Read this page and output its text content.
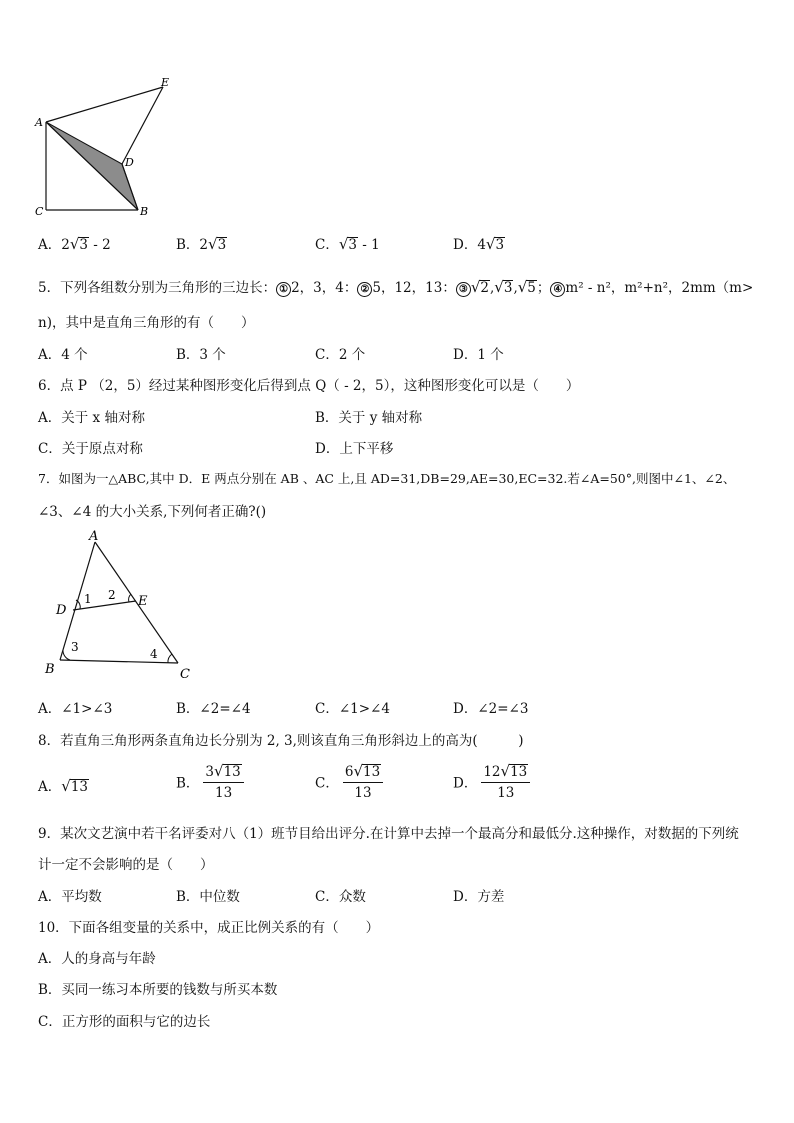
A
C	B
D
E
A．2√3 - 2	B．2√3	C．√3 - 1	D．4√3
5．下列各组数分别为三角形的三边长： ① 2，3，4： ② 5，12，13： ③ √2,√3,√5； ④ m² - n²，m²+n²，2mm（m>
n)，其中是直角三角形的有（　　）
A．4 个	B．3 个	C．2 个	D．1 个
6．点 P （2，5）经过某种图形变化后得到点 Q（ - 2，5），这种图形变化可以是（　　）
A．关于 x 轴对称	B．关于 y 轴对称
C．关于原点对称	D．上下平移
7．如图为一△ABC,其中 D．E 两点分别在 AB 、AC 上,且 AD=31,DB=29,AE=30,EC=32.若∠A=50°,则图中∠1、∠2、
∠3、∠4 的大小关系,下列何者正确?()
A
D
E
B	C
1 2
3	4
A．∠1>∠3	B．∠2=∠4	C．∠1>∠4	D．∠2=∠3
8．若直角三角形两条直角边长分别为 2, 3,则该直角三角形斜边上的高为(　　　)
A．√13	B． $\frac{3√13}{13}$	C． $\frac{6√13}{13}$	D． $\frac{12√13}{13}$
9．某次文艺演中若干名评委对八（1）班节目给出评分.在计算中去掉一个最高分和最低分.这种操作，对数据的下列统
计一定不会影响的是（　　）
A．平均数	B．中位数	C．众数	D．方差
10．下面各组变量的关系中，成正比例关系的有（　　）
A．人的身高与年龄
B．买同一练习本所要的钱数与所买本数
C．正方形的面积与它的边长
